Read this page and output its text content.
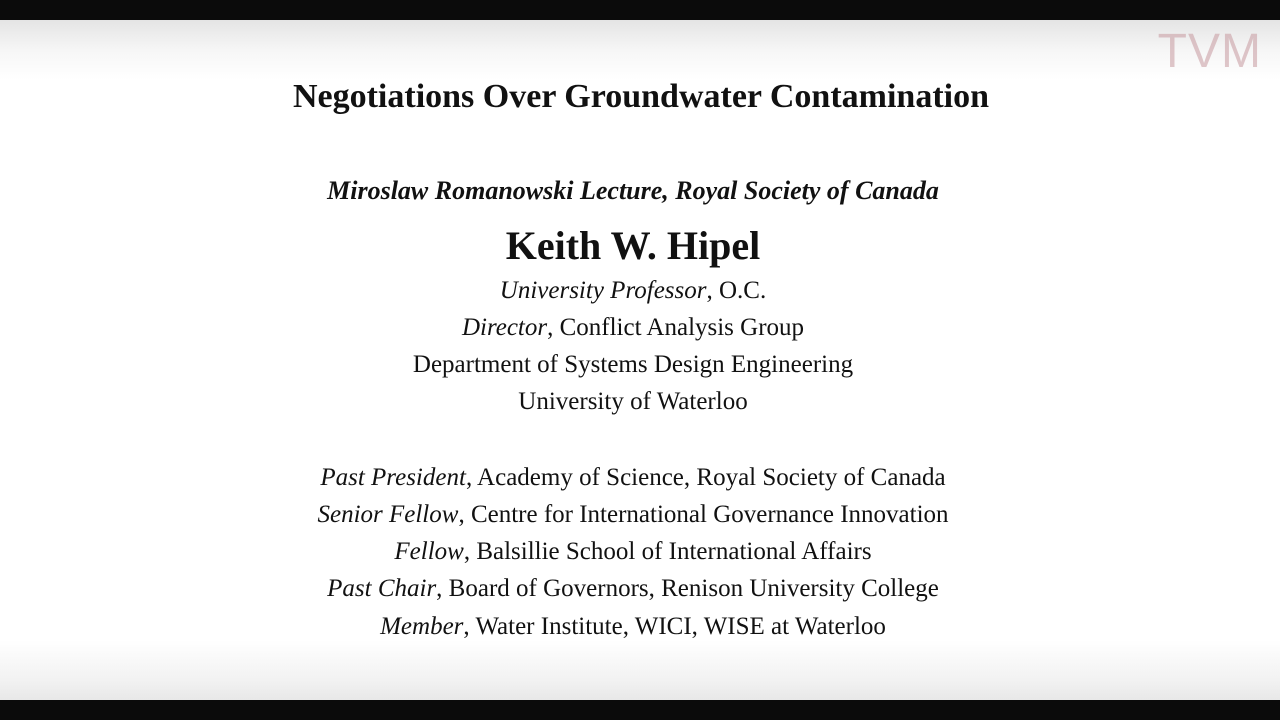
TVM
Negotiations Over Groundwater Contamination
Miroslaw Romanowski Lecture, Royal Society of Canada
Keith W. Hipel
University Professor, O.C.
Director, Conflict Analysis Group
Department of Systems Design Engineering
University of Waterloo
Past President, Academy of Science, Royal Society of Canada
Senior Fellow, Centre for International Governance Innovation
Fellow, Balsillie School of International Affairs
Past Chair, Board of Governors, Renison University College
Member, Water Institute, WICI, WISE at Waterloo
